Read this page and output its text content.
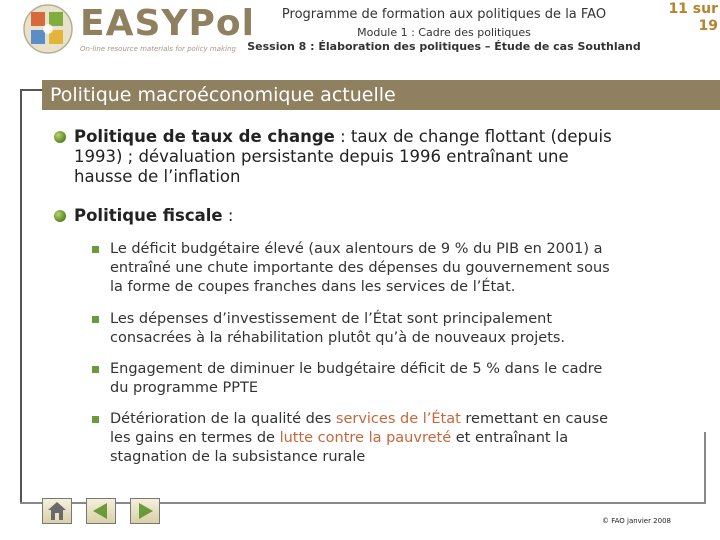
EASYPol
On-line resource materials for policy making
Programme de formation aux politiques de la FAO
Module 1 : Cadre des politiques
Session 8 : Élaboration des politiques – Étude de cas Southland
11 sur
19
Politique macroéconomique actuelle
Politique de taux de change : taux de change flottant (depuis
1993) ; dévaluation persistante depuis 1996 entraînant une
hausse de l’inflation
Politique fiscale :
Le déficit budgétaire élevé (aux alentours de 9 % du PIB en 2001) a
entraîné une chute importante des dépenses du gouvernement sous
la forme de coupes franches dans les services de l’État.
Les dépenses d’investissement de l’État sont principalement
consacrées à la réhabilitation plutôt qu’à de nouveaux projets.
Engagement de diminuer le budgétaire déficit de 5 % dans le cadre
du programme PPTE
Détérioration de la qualité des services de l’État remettant en cause
les gains en termes de lutte contre la pauvreté et entraînant la
stagnation de la subsistance rurale
© FAO janvier 2008
